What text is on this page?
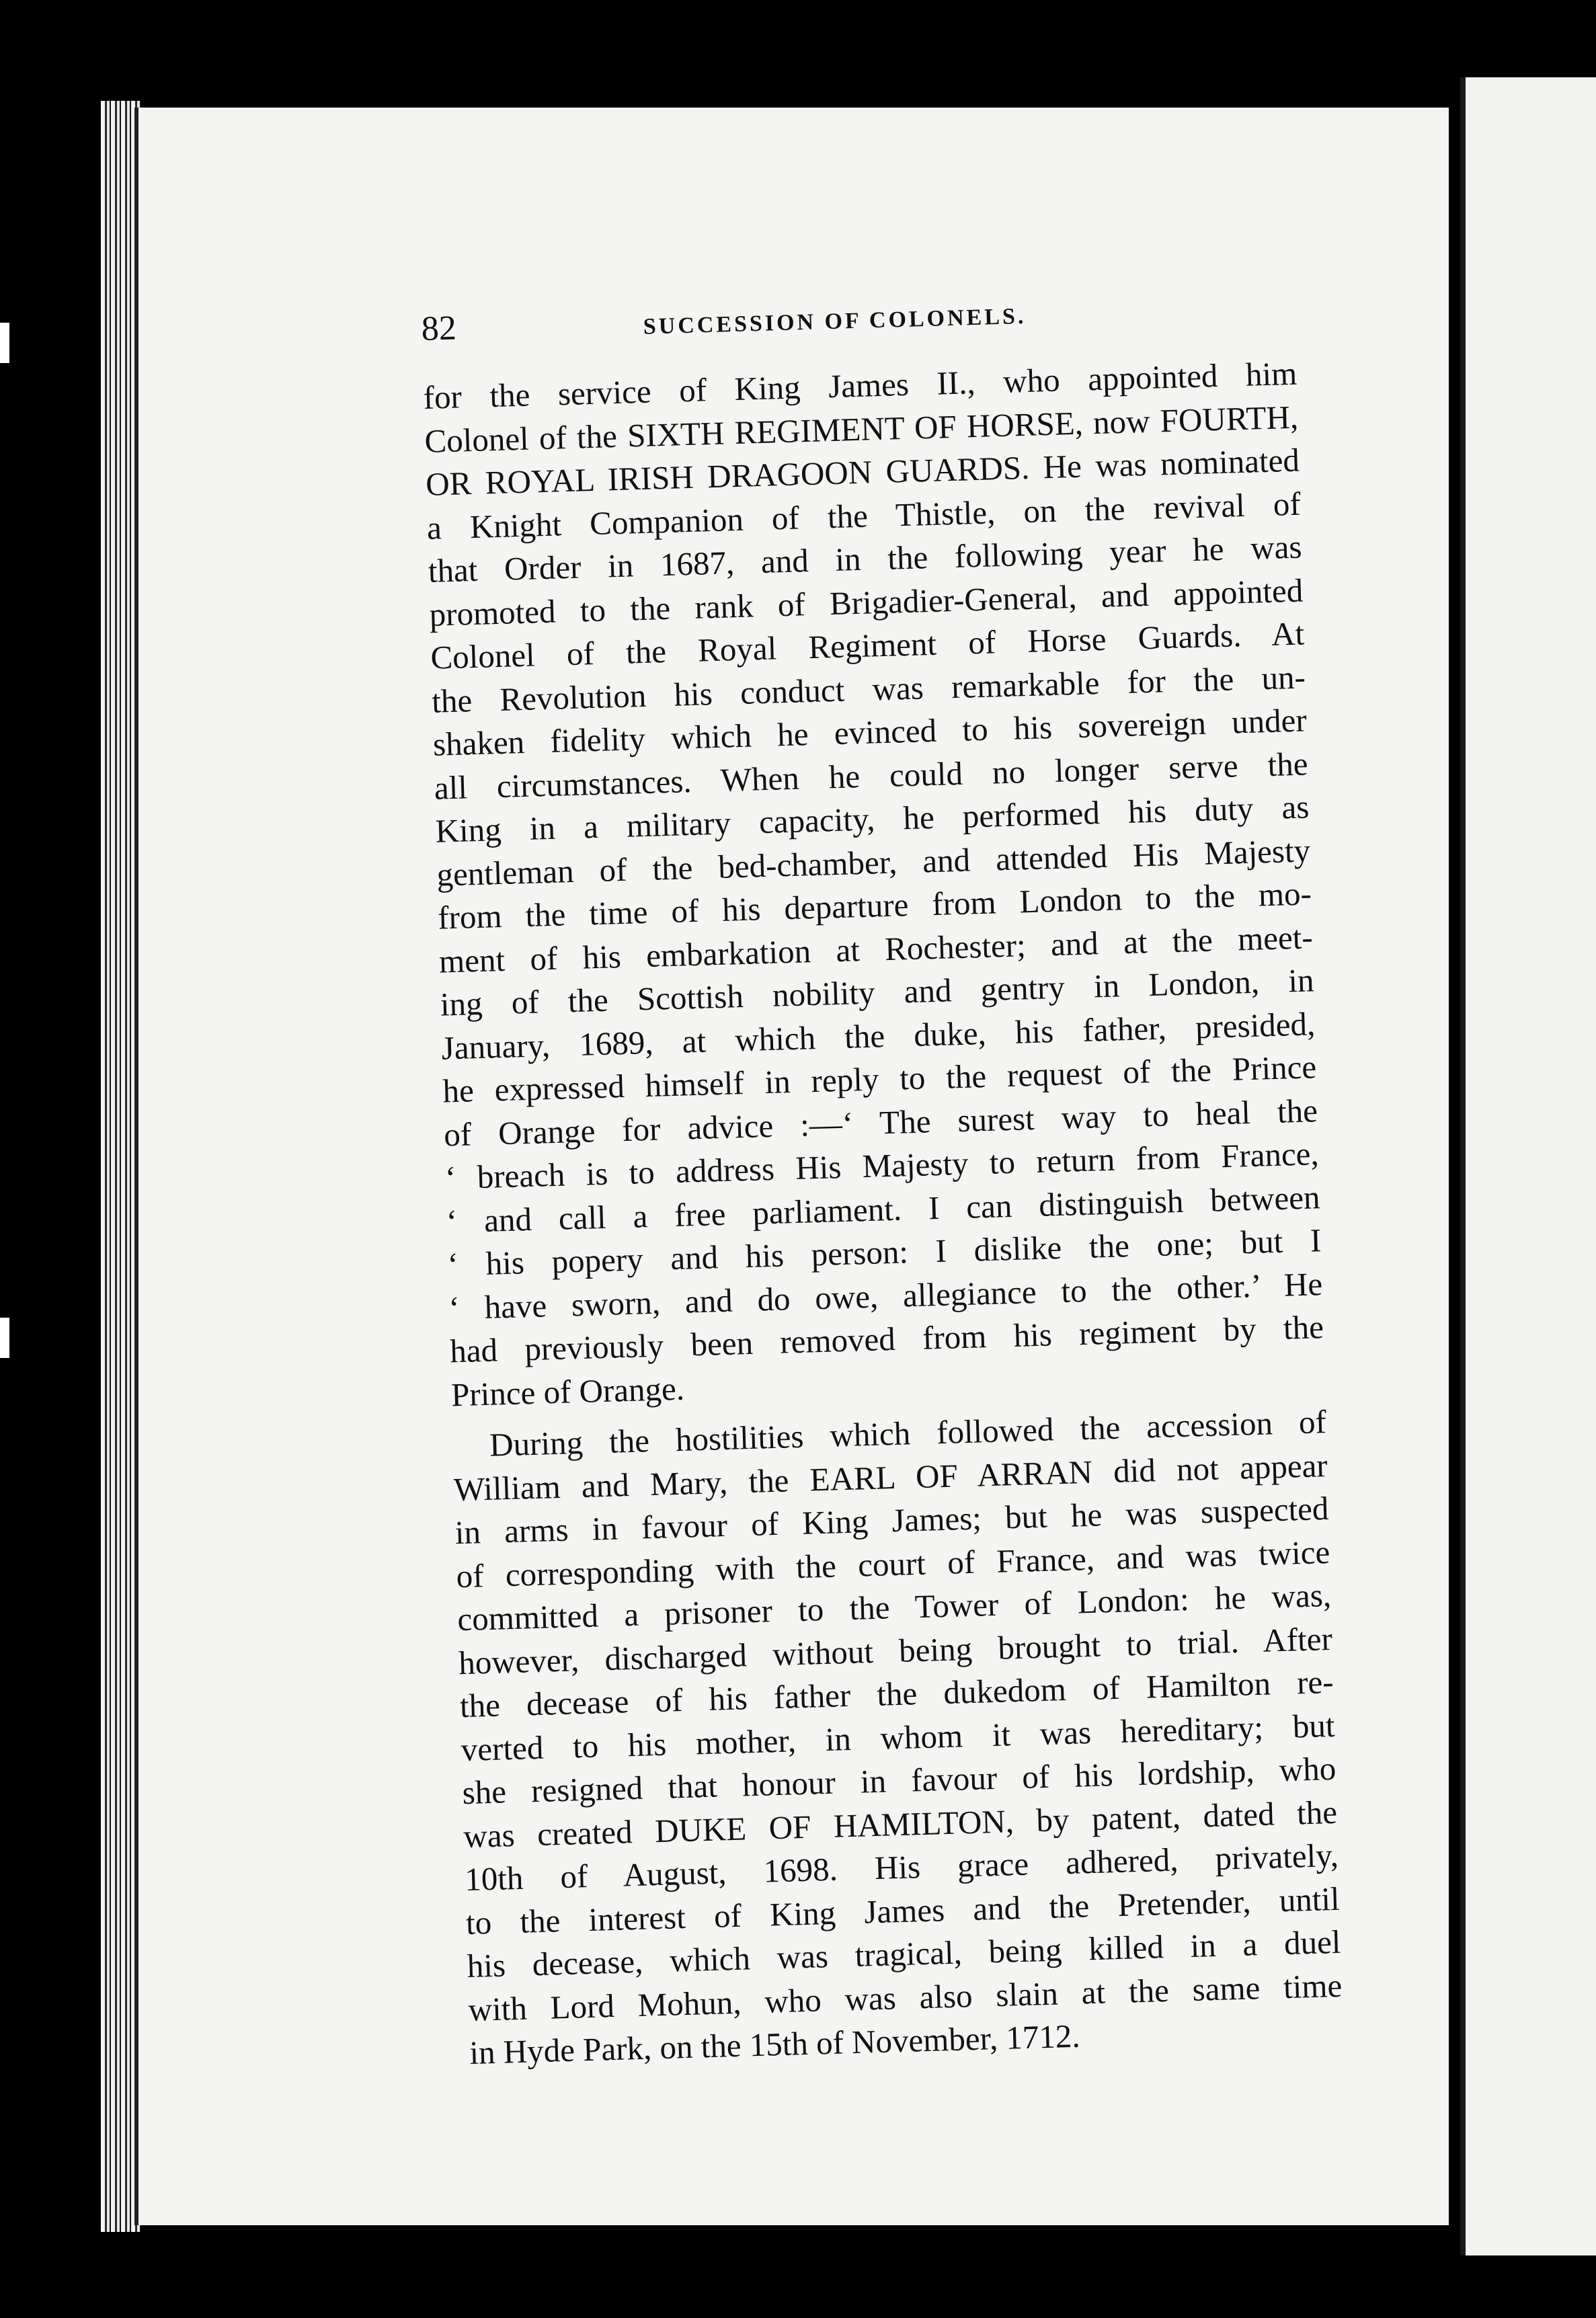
82	SUCCESSION OF COLONELS.
for the service of King James II., who appointed him
Colonel of the SIXTH REGIMENT OF HORSE, now FOURTH,
OR ROYAL IRISH DRAGOON GUARDS. He was nominated
a Knight Companion of the Thistle, on the revival of
that Order in 1687, and in the following year he was
promoted to the rank of Brigadier-General, and appointed
Colonel of the Royal Regiment of Horse Guards. At
the Revolution his conduct was remarkable for the un-
shaken fidelity which he evinced to his sovereign under
all circumstances. When he could no longer serve the
King in a military capacity, he performed his duty as
gentleman of the bed-chamber, and attended His Majesty
from the time of his departure from London to the mo-
ment of his embarkation at Rochester; and at the meet-
ing of the Scottish nobility and gentry in London, in
January, 1689, at which the duke, his father, presided,
he expressed himself in reply to the request of the Prince
of Orange for advice :—‘ The surest way to heal the
‘ breach is to address His Majesty to return from France,
‘ and call a free parliament. I can distinguish between
‘ his popery and his person: I dislike the one; but I
‘ have sworn, and do owe, allegiance to the other.’ He
had previously been removed from his regiment by the
Prince of Orange.
During the hostilities which followed the accession of
William and Mary, the EARL OF ARRAN did not appear
in arms in favour of King James; but he was suspected
of corresponding with the court of France, and was twice
committed a prisoner to the Tower of London: he was,
however, discharged without being brought to trial. After
the decease of his father the dukedom of Hamilton re-
verted to his mother, in whom it was hereditary; but
she resigned that honour in favour of his lordship, who
was created DUKE OF HAMILTON, by patent, dated the
10th of August, 1698. His grace adhered, privately,
to the interest of King James and the Pretender, until
his decease, which was tragical, being killed in a duel
with Lord Mohun, who was also slain at the same time
in Hyde Park, on the 15th of November, 1712.
